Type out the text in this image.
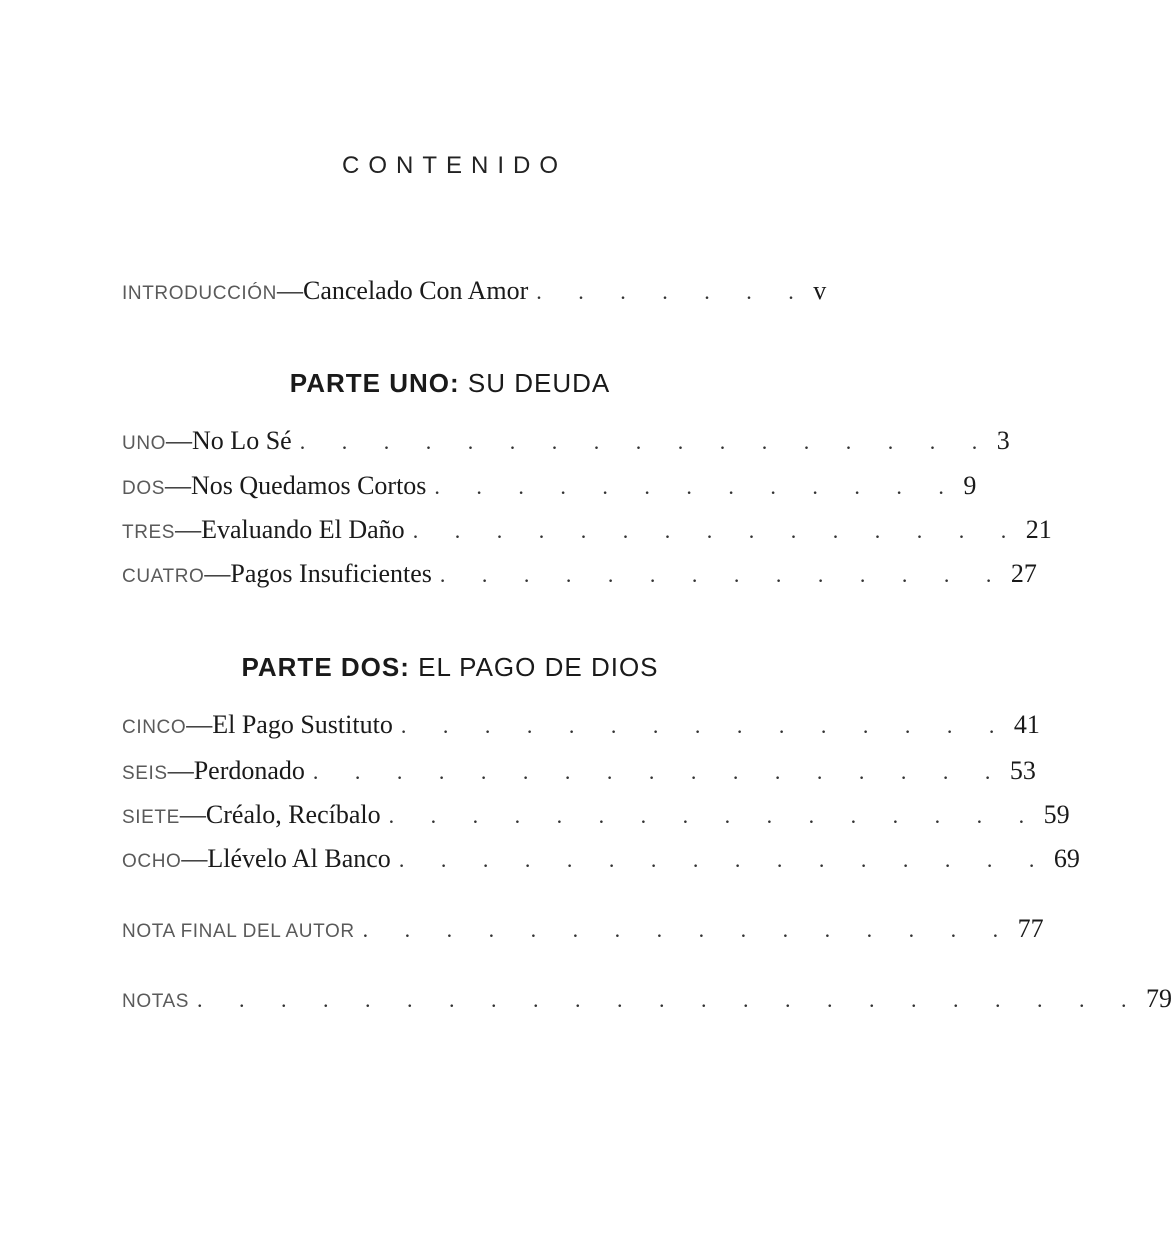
CONTENIDO
INTRODUCCIÓN — Cancelado Con Amor . . . . . . . v
PARTE UNO: SU DEUDA
UNO — No Lo Sé . . . . . . . . . . . . . . . . . 3
DOS — Nos Quedamos Cortos . . . . . . . . . . . . . 9
TRES — Evaluando El Daño . . . . . . . . . . . . . . . 21
CUATRO — Pagos Insuficientes . . . . . . . . . . . . . . 27
PARTE DOS: EL PAGO DE DIOS
CINCO — El Pago Sustituto . . . . . . . . . . . . . . . 41
SEIS — Perdonado . . . . . . . . . . . . . . . . . 53
SIETE — Créalo, Recíbalo . . . . . . . . . . . . . . . . 59
OCHO — Llévelo Al Banco . . . . . . . . . . . . . . . . 69
NOTA FINAL DEL AUTOR . . . . . . . . . . . . . . . . 77
NOTAS . . . . . . . . . . . . . . . . . . . . . . . 79
